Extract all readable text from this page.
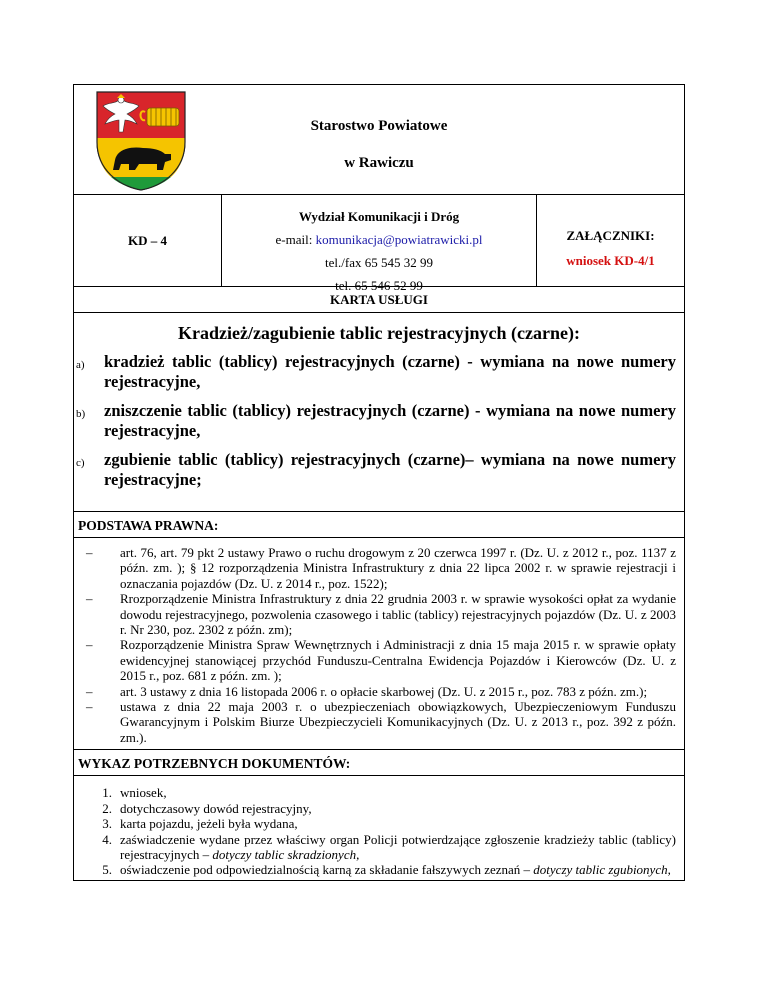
Starostwo Powiatowe
w Rawiczu
KD – 4
Wydział Komunikacji i Dróg
e-mail: komunikacja@powiatrawicki.pl
tel./fax 65 545 32 99
tel. 65 546 52 99
ZAŁĄCZNIKI:
wniosek KD-4/1
KARTA USŁUGI
Kradzież/zagubienie tablic rejestracyjnych (czarne):
a)	kradzież tablic (tablicy) rejestracyjnych (czarne) - wymiana na nowe numery rejestracyjne,
b)	zniszczenie tablic (tablicy) rejestracyjnych (czarne) - wymiana na nowe numery rejestracyjne,
c)	zgubienie tablic (tablicy) rejestracyjnych (czarne)– wymiana na nowe numery rejestracyjne;
PODSTAWA PRAWNA:
–	art. 76, art. 79 pkt 2 ustawy Prawo o ruchu drogowym z 20 czerwca 1997 r. (Dz. U. z 2012 r., poz. 1137 z późn. zm. ); § 12 rozporządzenia Ministra Infrastruktury z dnia 22 lipca 2002 r. w sprawie rejestracji i oznaczania pojazdów (Dz. U. z 2014 r., poz. 1522);
–	Rrozporządzenie Ministra Infrastruktury z dnia 22 grudnia 2003 r. w sprawie wysokości opłat za wydanie dowodu rejestracyjnego, pozwolenia czasowego i tablic (tablicy) rejestracyjnych pojazdów (Dz. U. z 2003 r. Nr 230, poz. 2302 z późn. zm);
–	Rozporządzenie Ministra Spraw Wewnętrznych i Administracji z dnia 15 maja 2015 r. w sprawie opłaty ewidencyjnej stanowiącej przychód Funduszu-Centralna Ewidencja Pojazdów i Kierowców (Dz. U. z 2015 r., poz. 681 z późn. zm. );
–	art. 3 ustawy z dnia 16 listopada 2006 r. o opłacie skarbowej (Dz. U. z 2015 r., poz. 783 z późn. zm.);
–	ustawa z dnia 22 maja 2003 r. o ubezpieczeniach obowiązkowych, Ubezpieczeniowym Funduszu Gwarancyjnym i Polskim Biurze Ubezpieczycieli Komunikacyjnych (Dz. U. z 2013 r., poz. 392 z późn. zm.).
WYKAZ POTRZEBNYCH DOKUMENTÓW:
1. wniosek,
2. dotychczasowy dowód rejestracyjny,
3. karta pojazdu, jeżeli była wydana,
4. zaświadczenie wydane przez właściwy organ Policji potwierdzające zgłoszenie kradzieży tablic (tablicy) rejestracyjnych – dotyczy tablic skradzionych,
5. oświadczenie pod odpowiedzialnością karną za składanie fałszywych zeznań – dotyczy tablic zgubionych,
